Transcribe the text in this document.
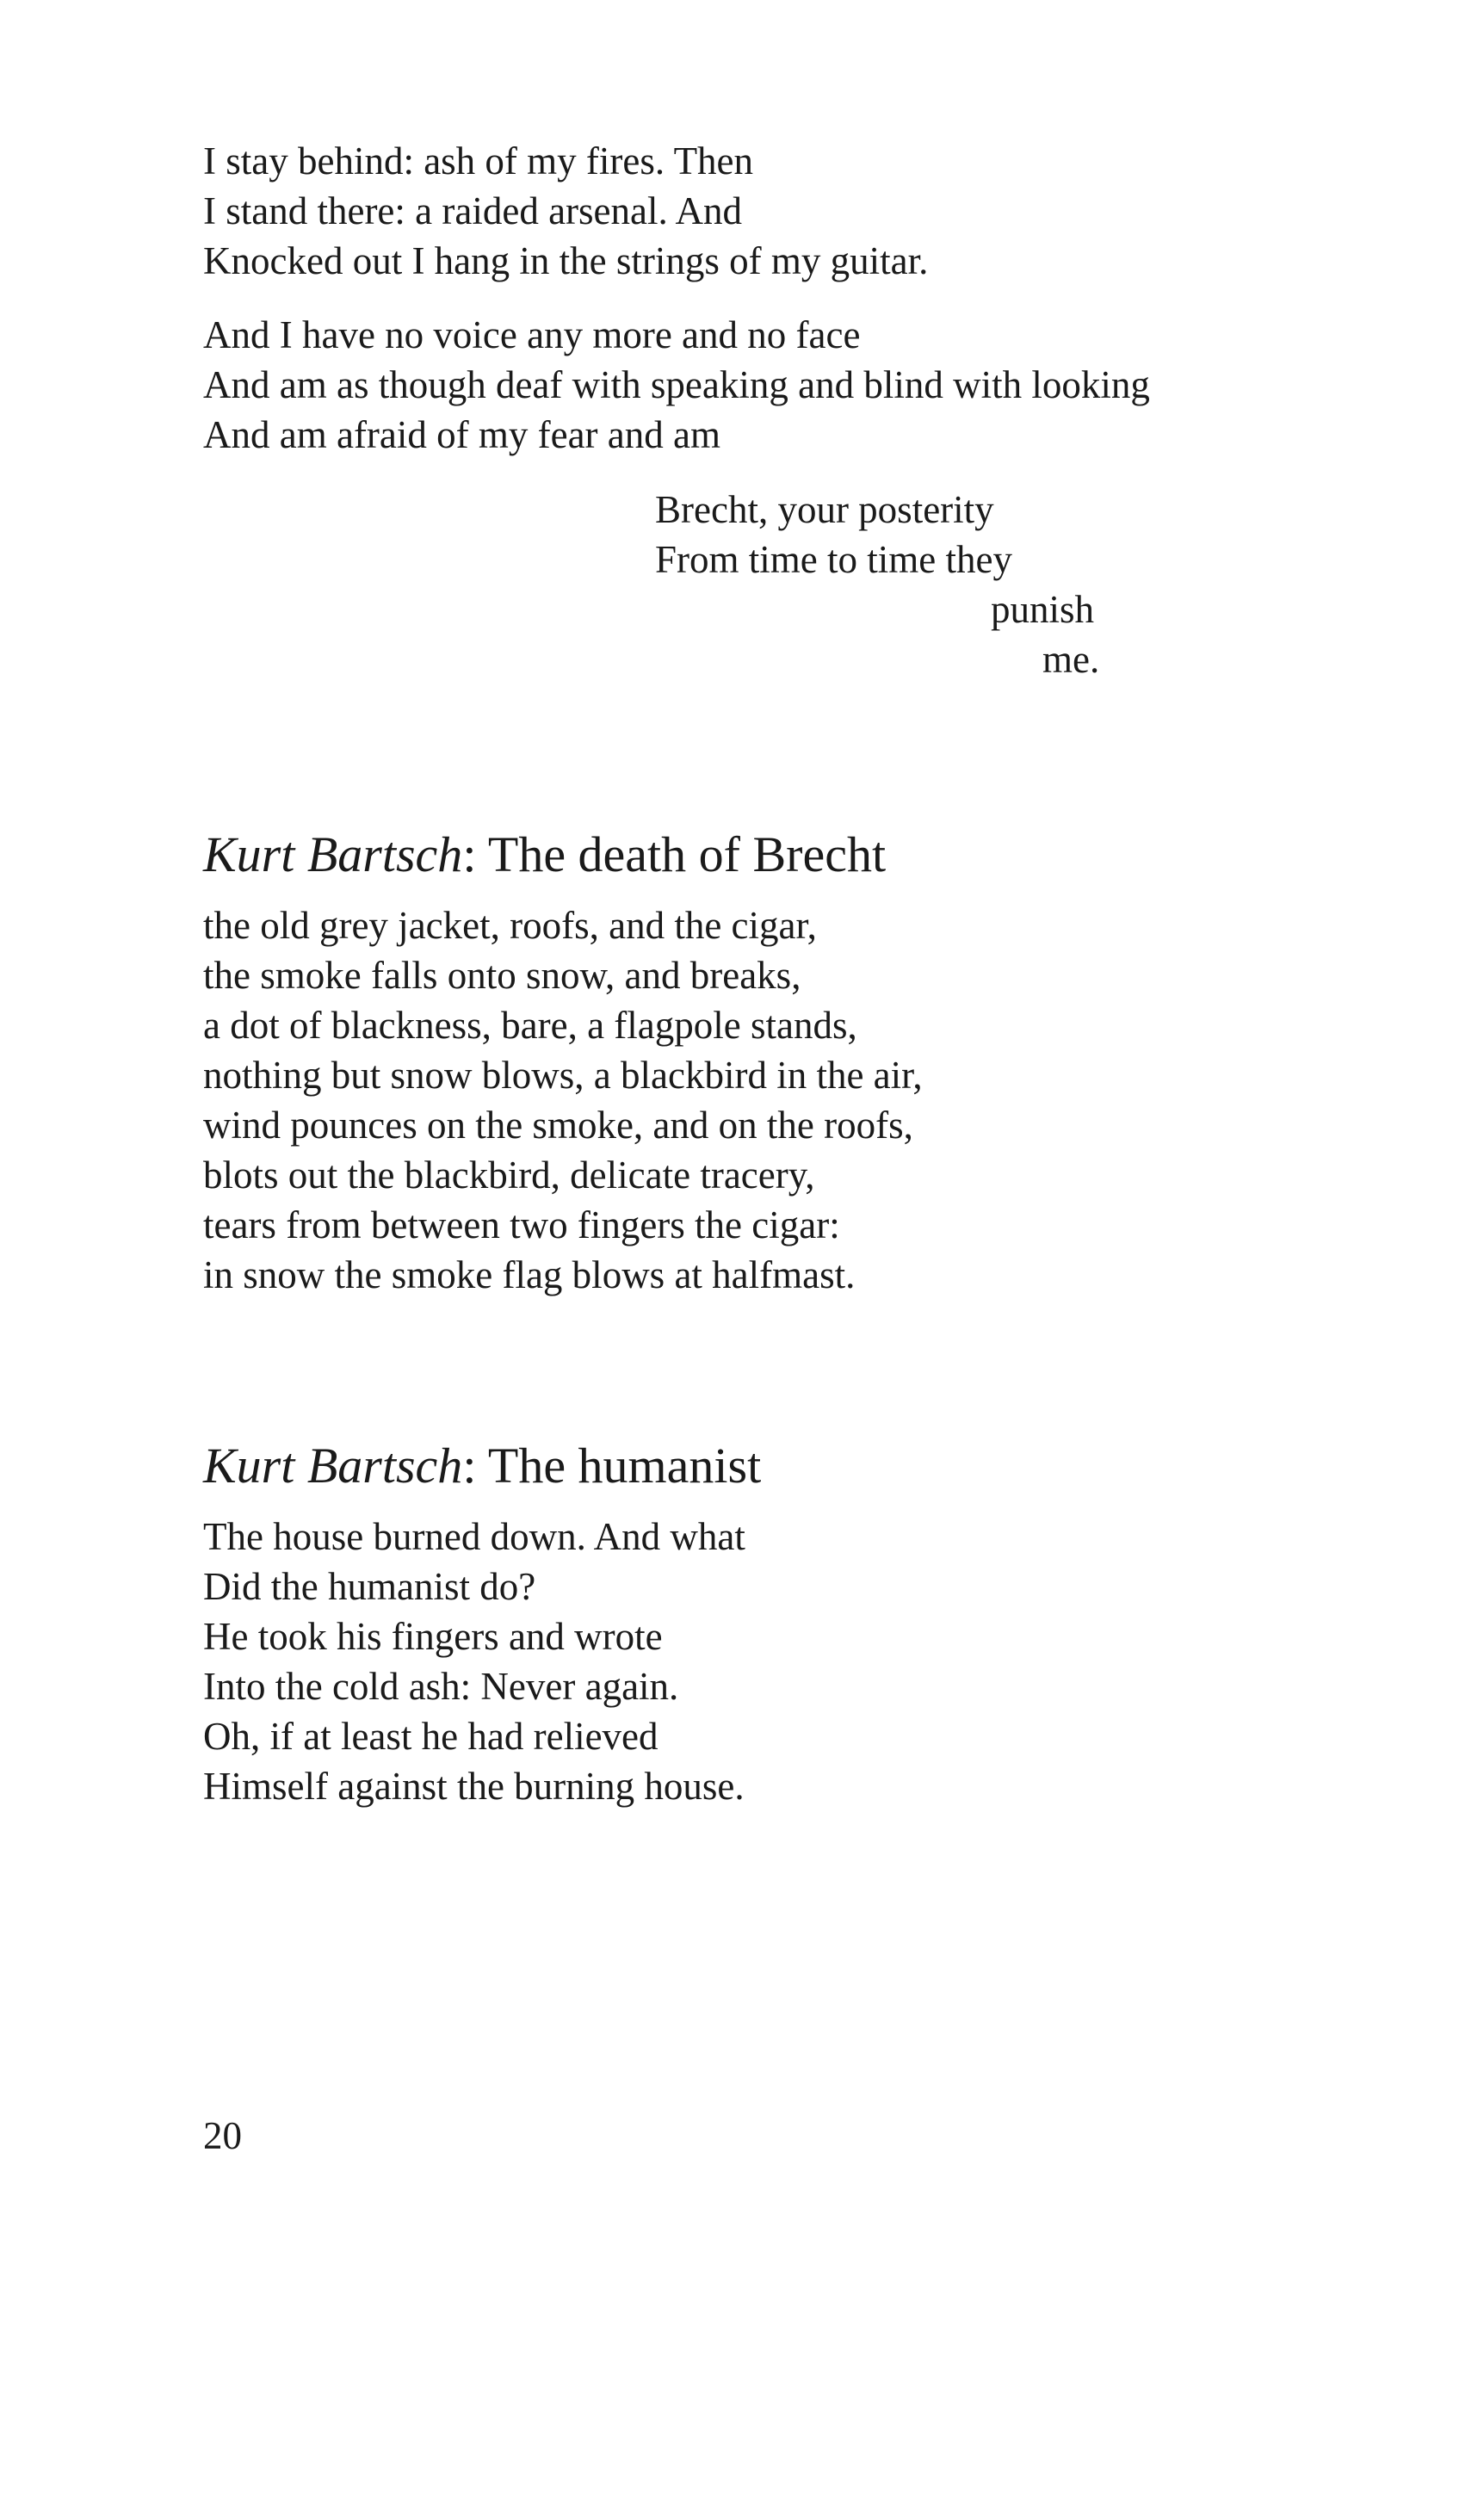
I stay behind: ash of my fires. Then
I stand there: a raided arsenal. And
Knocked out I hang in the strings of my guitar.
And I have no voice any more and no face
And am as though deaf with speaking and blind with looking
And am afraid of my fear and am
Brecht, your posterity
From time to time they
punish
me.
Kurt Bartsch: The death of Brecht
the old grey jacket, roofs, and the cigar,
the smoke falls onto snow, and breaks,
a dot of blackness, bare, a flagpole stands,
nothing but snow blows, a blackbird in the air,
wind pounces on the smoke, and on the roofs,
blots out the blackbird, delicate tracery,
tears from between two fingers the cigar:
in snow the smoke flag blows at halfmast.
Kurt Bartsch: The humanist
The house burned down. And what
Did the humanist do?
He took his fingers and wrote
Into the cold ash: Never again.
Oh, if at least he had relieved
Himself against the burning house.
20
